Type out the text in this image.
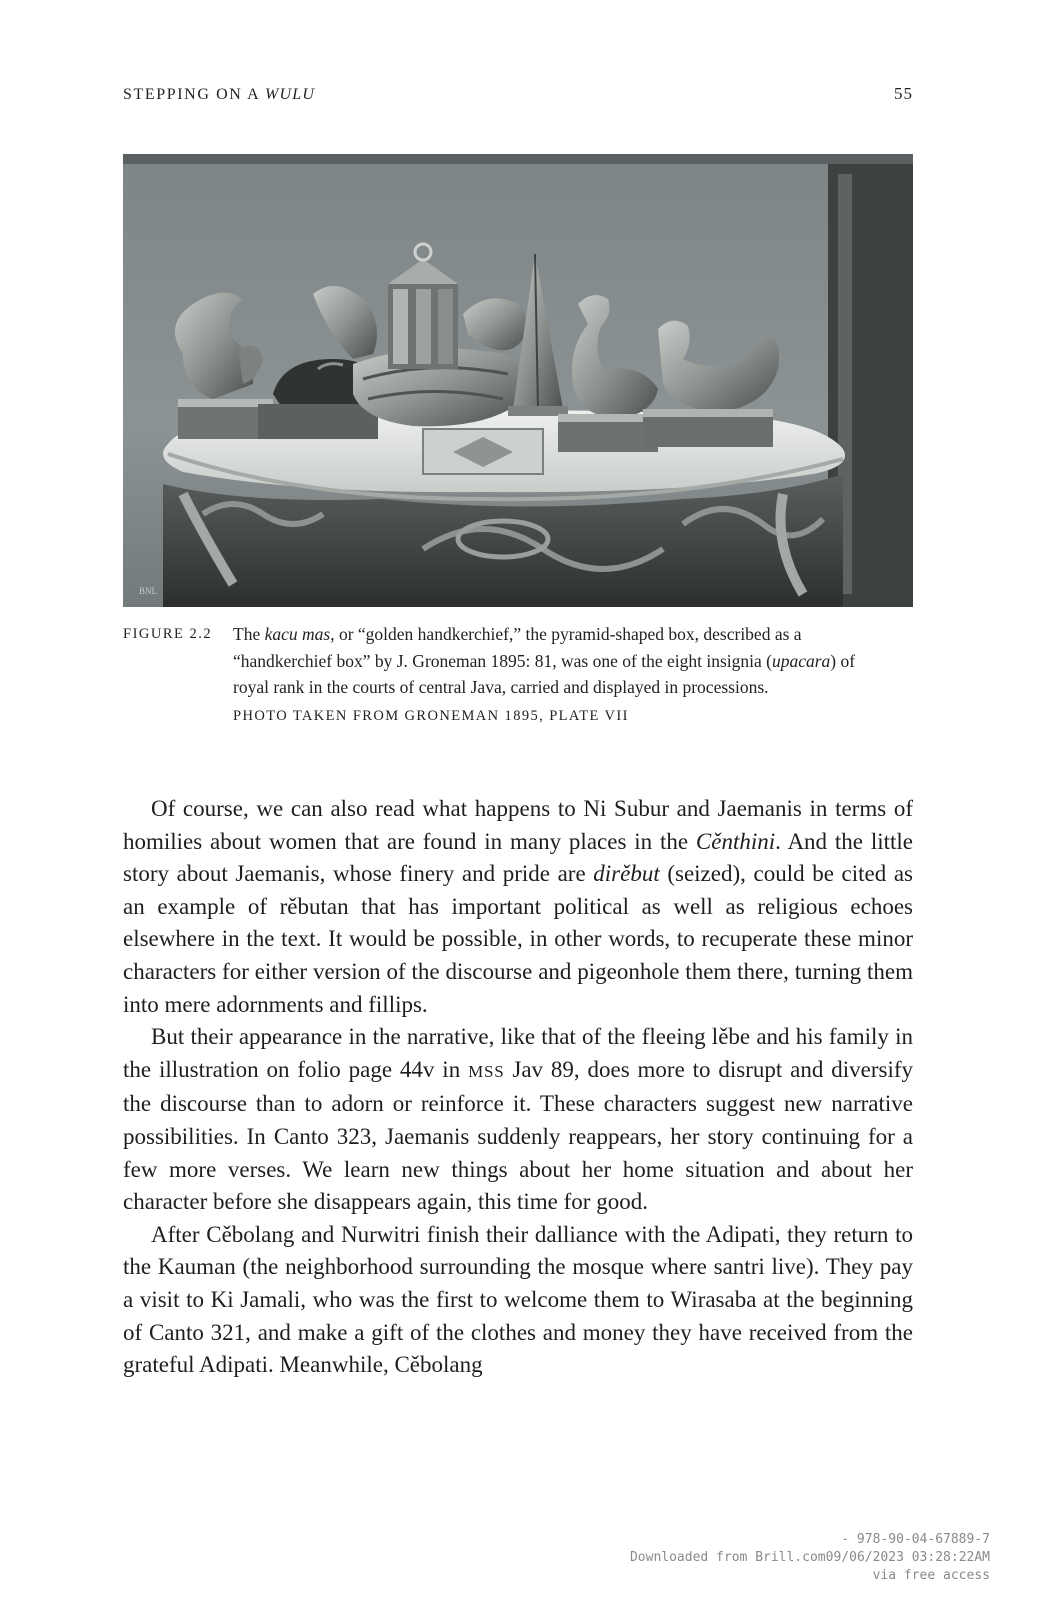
STEPPING ON A WULU	55
BNL
FIGURE 2.2	The kacu mas, or “golden handkerchief,” the pyramid-shaped box, described as a “handkerchief box” by J. Groneman 1895: 81, was one of the eight insignia (upacara) of royal rank in the courts of central Java, carried and displayed in processions.
PHOTO TAKEN FROM GRONEMAN 1895, PLATE VII

Of course, we can also read what happens to Ni Subur and Jaemanis in terms of homilies about women that are found in many places in the Cěnthini. And the little story about Jaemanis, whose finery and pride are dirěbut (seized), could be cited as an example of rěbutan that has important political as well as religious echoes elsewhere in the text. It would be possible, in other words, to recuperate these minor characters for either version of the discourse and pigeonhole them there, turning them into mere adornments and fillips.

But their appearance in the narrative, like that of the fleeing lěbe and his family in the illustration on folio page 44v in MSS Jav 89, does more to disrupt and diversify the discourse than to adorn or reinforce it. These characters suggest new narrative possibilities. In Canto 323, Jaemanis suddenly reappears, her story continuing for a few more verses. We learn new things about her home situation and about her character before she disappears again, this time for good.

After Cěbolang and Nurwitri finish their dalliance with the Adipati, they return to the Kauman (the neighborhood surrounding the mosque where santri live). They pay a visit to Ki Jamali, who was the first to welcome them to Wirasaba at the beginning of Canto 321, and make a gift of the clothes and money they have received from the grateful Adipati. Meanwhile, Cěbolang

- 978-90-04-67889-7
Downloaded from Brill.com09/06/2023 03:28:22AM
via free access
